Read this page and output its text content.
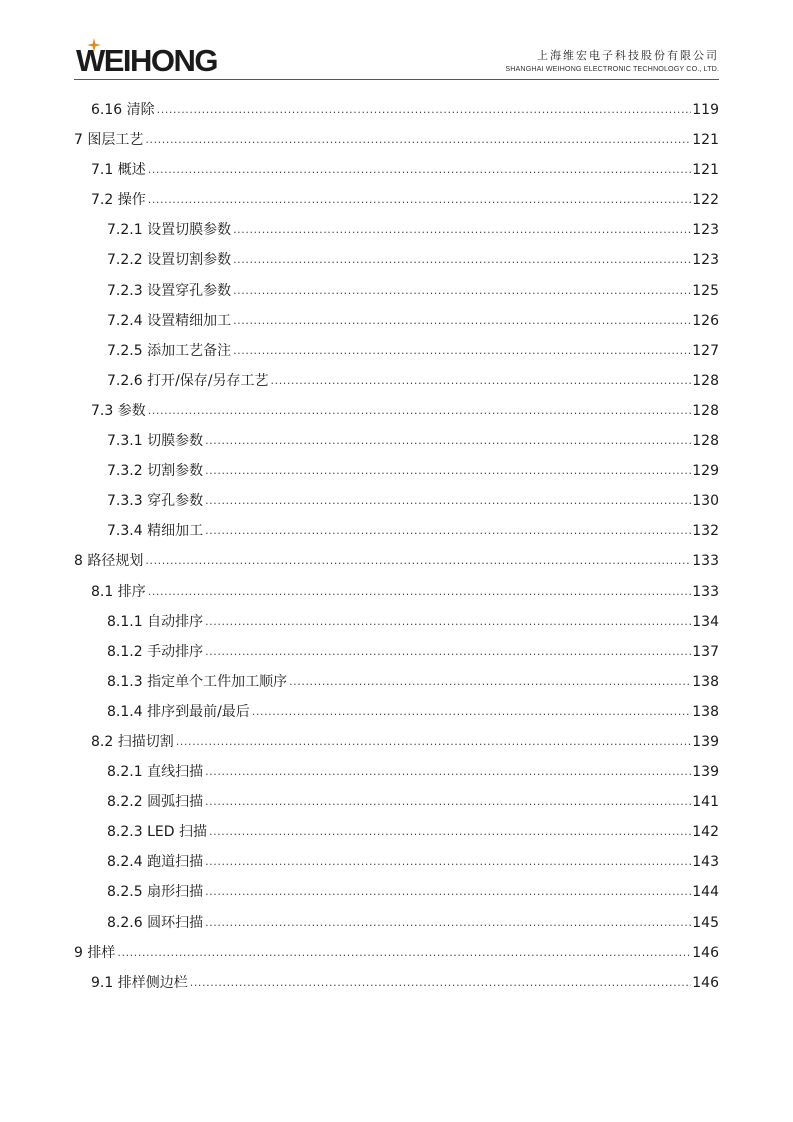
WEIHONG	上海维宏电子科技股份有限公司
SHANGHAI WEIHONG ELECTRONIC TECHNOLOGY CO., LTD.
6.16 清除 .....	119
7 图层工艺 .....	121
7.1 概述 .....	121
7.2 操作 .....	122
7.2.1 设置切膜参数 .....	123
7.2.2 设置切割参数 .....	123
7.2.3 设置穿孔参数 .....	125
7.2.4 设置精细加工 .....	126
7.2.5 添加工艺备注 .....	127
7.2.6 打开/保存/另存工艺 .....	128
7.3 参数 .....	128
7.3.1 切膜参数 .....	128
7.3.2 切割参数 .....	129
7.3.3 穿孔参数 .....	130
7.3.4 精细加工 .....	132
8 路径规划 .....	133
8.1 排序 .....	133
8.1.1 自动排序 .....	134
8.1.2 手动排序 .....	137
8.1.3 指定单个工件加工顺序 .....	138
8.1.4 排序到最前/最后 .....	138
8.2 扫描切割 .....	139
8.2.1 直线扫描 .....	139
8.2.2 圆弧扫描 .....	141
8.2.3 LED 扫描 .....	142
8.2.4 跑道扫描 .....	143
8.2.5 扇形扫描 .....	144
8.2.6 圆环扫描 .....	145
9 排样 .....	146
9.1 排样侧边栏 .....	146
